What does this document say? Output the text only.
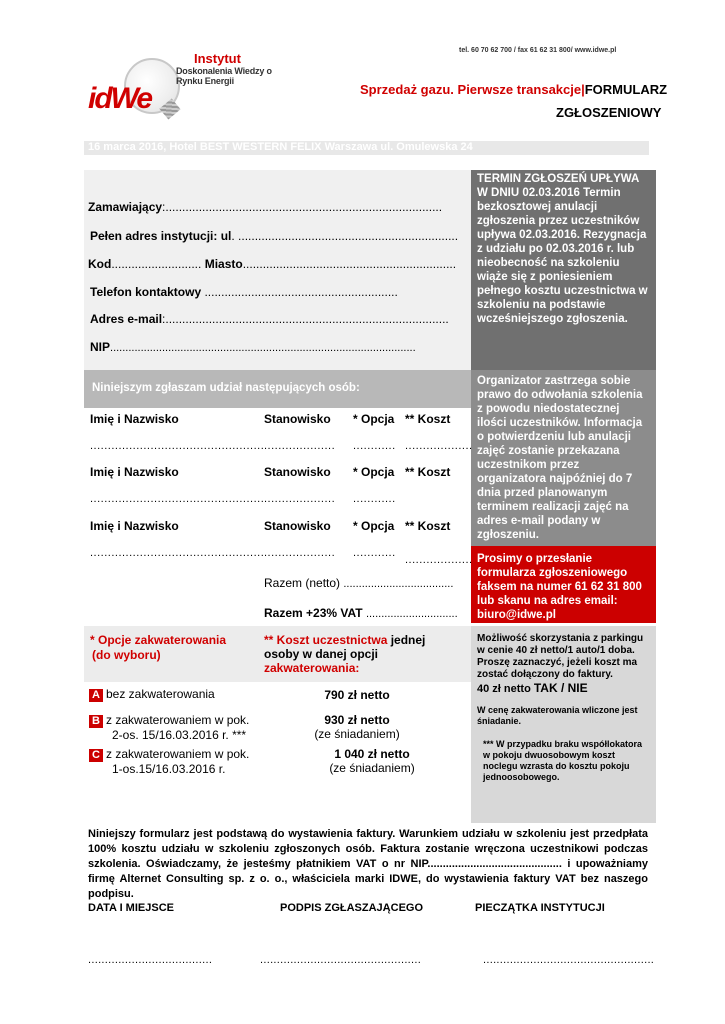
tel. 60 70 62 700 / fax 61 62 31 800/ www.idwe.pl
Instytut
Doskonalenia Wiedzy o Rynku Energii
idWe	Sprzedaż gazu. Pierwsze transakcje|FORMULARZ
ZGŁOSZENIOWY
16 marca 2016, Hotel BEST WESTERN FELIX Warszawa ul. Omulewska 24
Zamawiający:...................................................................................
Pełen adres instytucji: ul. ..................................................................
Kod........................... Miasto................................................................
Telefon kontaktowy ..........................................................
Adres e-mail:.....................................................................................
NIP....................................................................................................

TERMIN ZGŁOSZEŃ UPŁYWA W DNIU 02.03.2016 Termin bezkosztowej anulacji zgłoszenia przez uczestników upływa 02.03.2016. Rezygnacja z udziału po 02.03.2016 r. lub nieobecność na szkoleniu wiąże się z poniesieniem pełnego kosztu uczestnictwa w szkoleniu na podstawie wcześniejszego zgłoszenia.

Niniejszym zgłaszam udział następujących osób:

Organizator zastrzega sobie prawo do odwołania szkolenia z powodu niedostatecznej ilości uczestników. Informacja o potwierdzeniu lub anulacji zajęć zostanie przekazana uczestnikom przez organizatora najpóźniej do 7 dnia przed planowanym terminem realizacji zajęć na adres e-mail podany w zgłoszeniu.

Prosimy o przesłanie formularza zgłoszeniowego faksem na numer 61 62 31 800 lub skanu na adres email: biuro@idwe.pl

Imię i Nazwisko	Stanowisko * Opcja ** Koszt
................................................. .................... ............ ...................
Imię i Nazwisko	Stanowisko * Opcja ** Koszt
................................................. .................... ............
Imię i Nazwisko	Stanowisko * Opcja ** Koszt
................................................. .................... ............
...................
Razem (netto) ....................................
Razem +23% VAT ..............................
* Opcje zakwaterowania
(do wyboru)
** Koszt uczestnictwa jednej osoby w danej opcji zakwaterowania:
A bez zakwaterowania	790 zł netto
B z zakwaterowaniem w pok.
2-os. 15/16.03.2016 r. ***
930 zł netto
(ze śniadaniem)
C z zakwaterowaniem w pok.
1-os.15/16.03.2016 r.
1 040 zł netto
(ze śniadaniem)
Możliwość skorzystania z parkingu w cenie 40 zł netto/1 auto/1 doba. Proszę zaznaczyć, jeżeli koszt ma zostać dołączony do faktury.
40 zł netto TAK / NIE
W cenę zakwaterowania wliczone jest śniadanie.
*** W przypadku braku współlokatora w pokoju dwuosobowym koszt noclegu wzrasta do kosztu pokoju jednoosobowego.
Niniejszy formularz jest podstawą do wystawienia faktury. Warunkiem udziału w szkoleniu jest przedpłata 100% kosztu udziału w szkoleniu zgłoszonych osób. Faktura zostanie wręczona uczestnikowi podczas szkolenia. Oświadczamy, że jesteśmy płatnikiem VAT o nr NIP............................................ i upoważniamy firmę Alternet Consulting sp. z o. o., właściciela marki IDWE, do wystawienia faktury VAT bez naszego podpisu.
DATA I MIEJSCE	PODPIS ZGŁASZAJĄCEGO	PIECZĄTKA INSTYTUCJI
.....................................	................................................	...................................................
